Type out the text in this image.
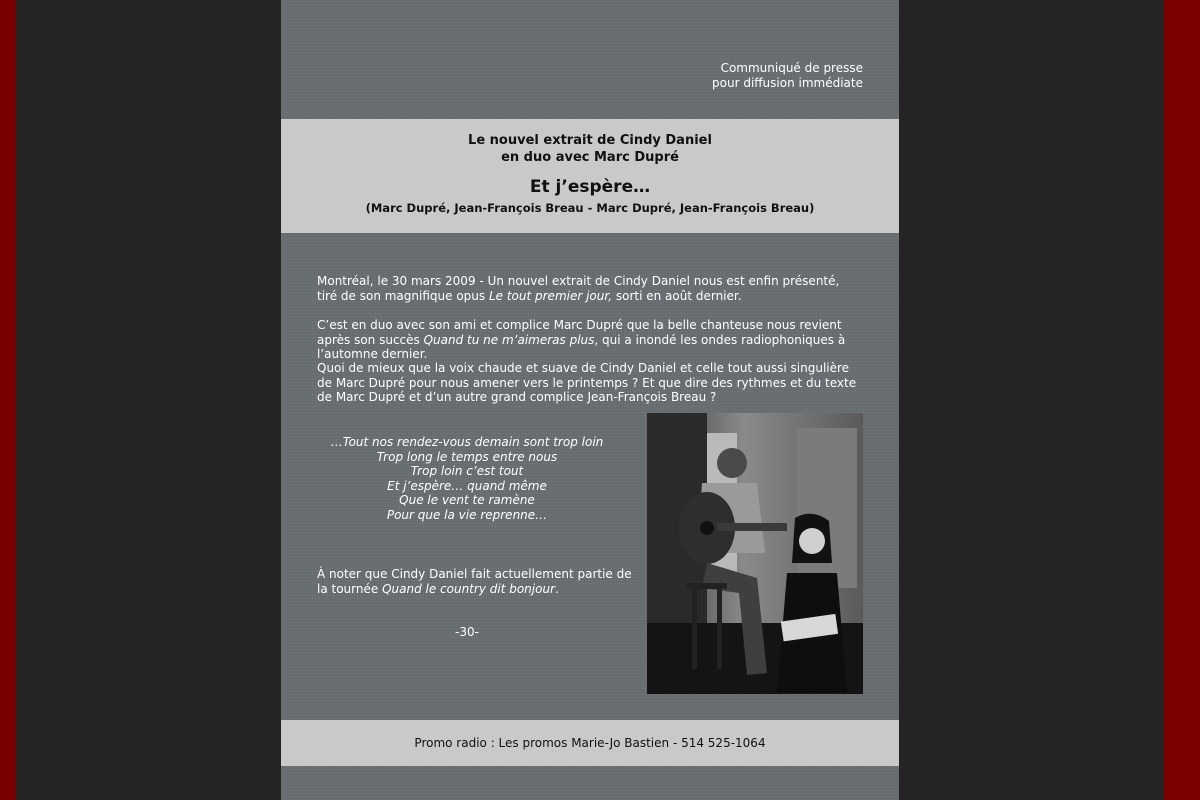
Communiqué de presse
pour diffusion immédiate
Le nouvel extrait de Cindy Daniel
en duo avec Marc Dupré
Et j’espère…
(Marc Dupré, Jean-François Breau - Marc Dupré, Jean-François Breau)
Montréal, le 30 mars 2009 - Un nouvel extrait de Cindy Daniel nous est enfin présenté, tiré de son magnifique opus Le tout premier jour, sorti en août dernier.
C’est en duo avec son ami et complice Marc Dupré que la belle chanteuse nous revient après son succès Quand tu ne m’aimeras plus, qui a inondé les ondes radiophoniques à l’automne dernier.
Quoi de mieux que la voix chaude et suave de Cindy Daniel et celle tout aussi singulière de Marc Dupré pour nous amener vers le printemps ? Et que dire des rythmes et du texte de Marc Dupré et d’un autre grand complice Jean-François Breau ?
…Tout nos rendez-vous demain sont trop loin
Trop long le temps entre nous
Trop loin c’est tout
Et j’espère… quand même
Que le vent te ramène
Pour que la vie reprenne…
À noter que Cindy Daniel fait actuellement partie de la tournée Quand le country dit bonjour.
-30-
Promo radio : Les promos Marie-Jo Bastien - 514 525-1064
